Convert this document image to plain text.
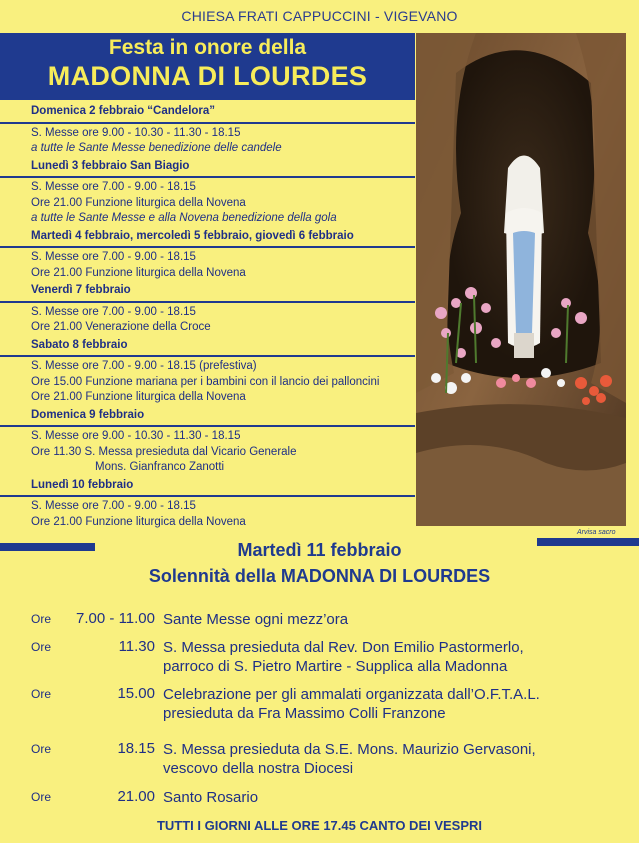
CHIESA FRATI CAPPUCCINI - VIGEVANO
Festa in onore della
MADONNA DI LOURDES
Arvisa sacro
Domenica 2 febbraio “Candelora”
S. Messe ore 9.00 - 10.30 - 11.30 - 18.15
a tutte le Sante Messe benedizione delle candele
Lunedì 3 febbraio San Biagio
S. Messe ore 7.00 - 9.00 - 18.15
Ore 21.00 Funzione liturgica della Novena
a tutte le Sante Messe e alla Novena benedizione della gola
Martedì 4 febbraio, mercoledì 5 febbraio, giovedì 6 febbraio
S. Messe ore 7.00 - 9.00 - 18.15
Ore 21.00 Funzione liturgica della Novena
Venerdì 7 febbraio
S. Messe ore 7.00 - 9.00 - 18.15
Ore 21.00 Venerazione della Croce
Sabato 8 febbraio
S. Messe ore 7.00 - 9.00 - 18.15 (prefestiva)
Ore 15.00 Funzione mariana per i bambini con il lancio dei palloncini
Ore 21.00 Funzione liturgica della Novena
Domenica 9 febbraio
S. Messe ore 9.00 - 10.30 - 11.30 - 18.15
Ore 11.30 S. Messa presieduta dal Vicario Generale
Mons. Gianfranco Zanotti
Lunedì 10 febbraio
S. Messe ore 7.00 - 9.00 - 18.15
Ore 21.00 Funzione liturgica della Novena
Martedì 11 febbraio
Solennità della MADONNA DI LOURDES
Ore 7.00 - 11.00 Sante Messe ogni mezz’ora
Ore	11.30 S. Messa presieduta dal Rev. Don Emilio Pastormerlo,
parroco di S. Pietro Martire - Supplica alla Madonna
Ore	15.00 Celebrazione per gli ammalati organizzata dall’O.F.T.A.L.
presieduta da Fra Massimo Colli Franzone
Ore	18.15 S. Messa presieduta da S.E. Mons. Maurizio Gervasoni,
vescovo della nostra Diocesi
Ore	21.00 Santo Rosario
TUTTI I GIORNI ALLE ORE 17.45 CANTO DEI VESPRI
